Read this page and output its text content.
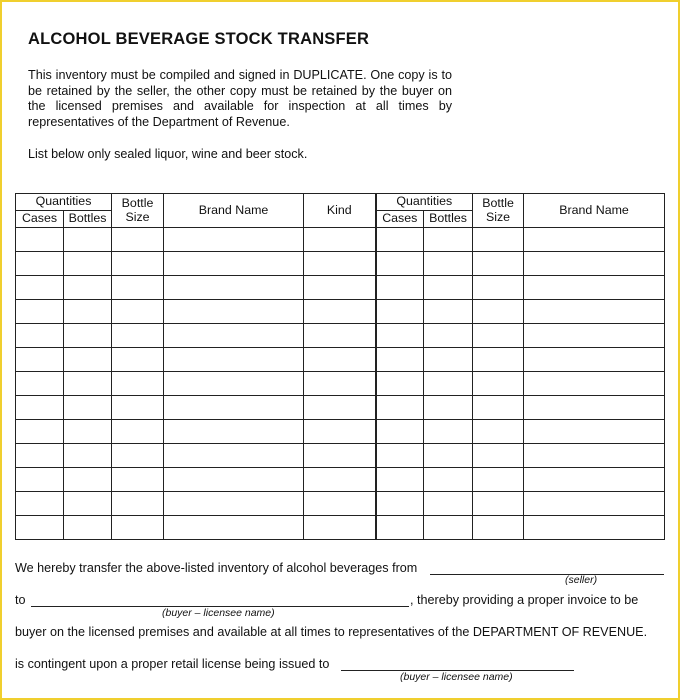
ALCOHOL BEVERAGE STOCK TRANSFER
This inventory must be compiled and signed in DUPLICATE. One copy is to be retained by the seller, the other copy must be retained by the buyer on the licensed premises and available for inspection at all times by representatives of the Department of Revenue.
List below only sealed liquor, wine and beer stock.
Quantities		Bottle Size	Brand Name	Kind	Quantities		Bottle Size	Brand Name
Cases	Bottles				Cases	Bottles		

We hereby transfer the above-listed inventory of alcohol beverages from
(seller)
to	, thereby providing a proper invoice to be
(buyer – licensee name)
buyer on the licensed premises and available at all times to representatives of the DEPARTMENT OF REVENUE.
is contingent upon a proper retail license being issued to
(buyer – licensee name)
